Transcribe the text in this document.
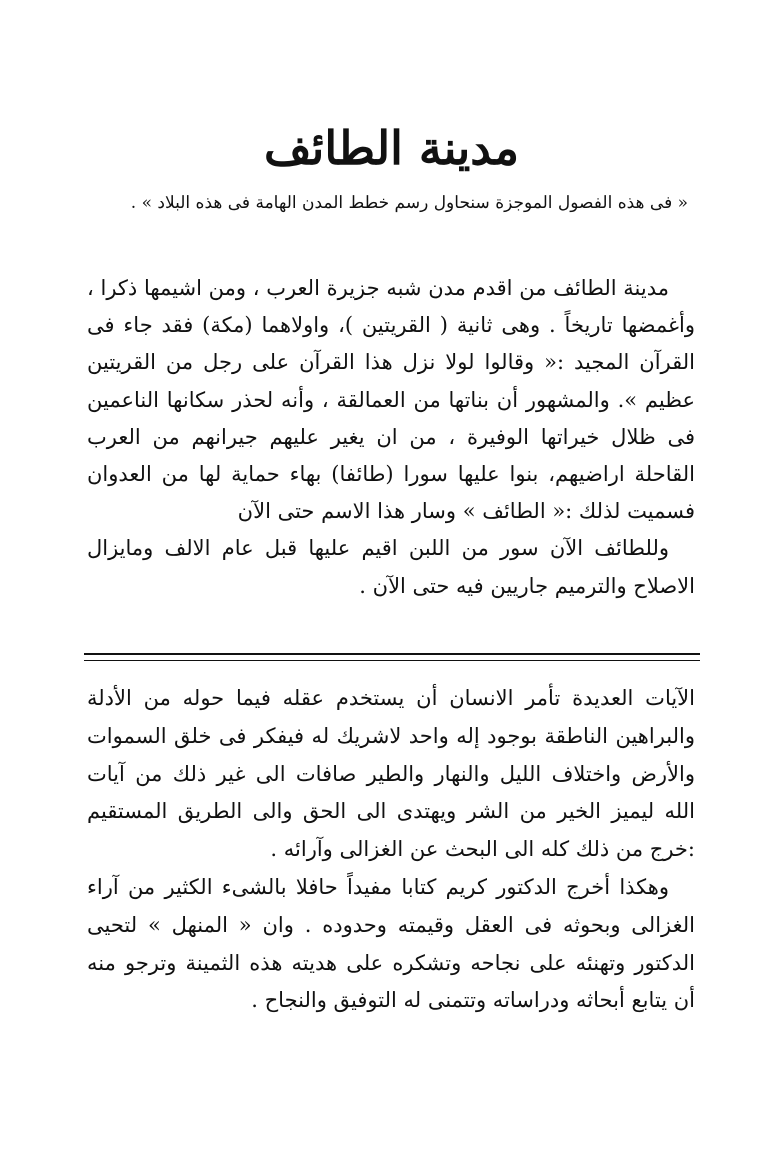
مدينة الطائف

« فى هذه الفصول الموجزة سنحاول رسم خطط المدن الهامة فى هذه البلاد » .

مدينة الطائف من اقدم مدن شبه جزيرة العرب ، ومن اشيمها ذكرا ، وأغمضها تاريخاً . وهى ثانية ( القريتين )، واولاهما (مكة) فقد جاء فى القرآن المجيد :« وقالوا لولا نزل هذا القرآن على رجل من القريتين عظيم ». والمشهور أن بناتها من العمالقة ، وأنه لحذر سكانها الناعمين فى ظلال خيراتها الوفيرة ، من ان يغير عليهم جيرانهم من العرب القاحلة اراضيهم، بنوا عليها سورا (طائفا) بهاء حماية لها من العدوان فسميت لذلك :« الطائف » وسار هذا الاسم حتى الآن

وللطائف الآن سور من اللبن اقيم عليها قبل عام الالف ومايزال الاصلاح والترميم جاريين فيه حتى الآن .

الآيات العديدة تأمر الانسان أن يستخدم عقله فيما حوله من الأدلة والبراهين الناطقة بوجود إله واحد لاشريك له فيفكر فى خلق السموات والأرض واختلاف الليل والنهار والطير صافات الى غير ذلك من آيات الله ليميز الخير من الشر ويهتدى الى الحق والى الطريق المستقيم :خرج من ذلك كله الى البحث عن الغزالى وآرائه .

وهكذا أخرج الدكتور كريم كتابا مفيداً حافلا بالشىء الكثير من آراء الغزالى وبحوثه فى العقل وقيمته وحدوده . وان « المنهل » لتحيى الدكتور وتهنئه على نجاحه وتشكره على هديته هذه الثمينة وترجو منه أن يتابع أبحاثه ودراساته وتتمنى له التوفيق والنجاح .
